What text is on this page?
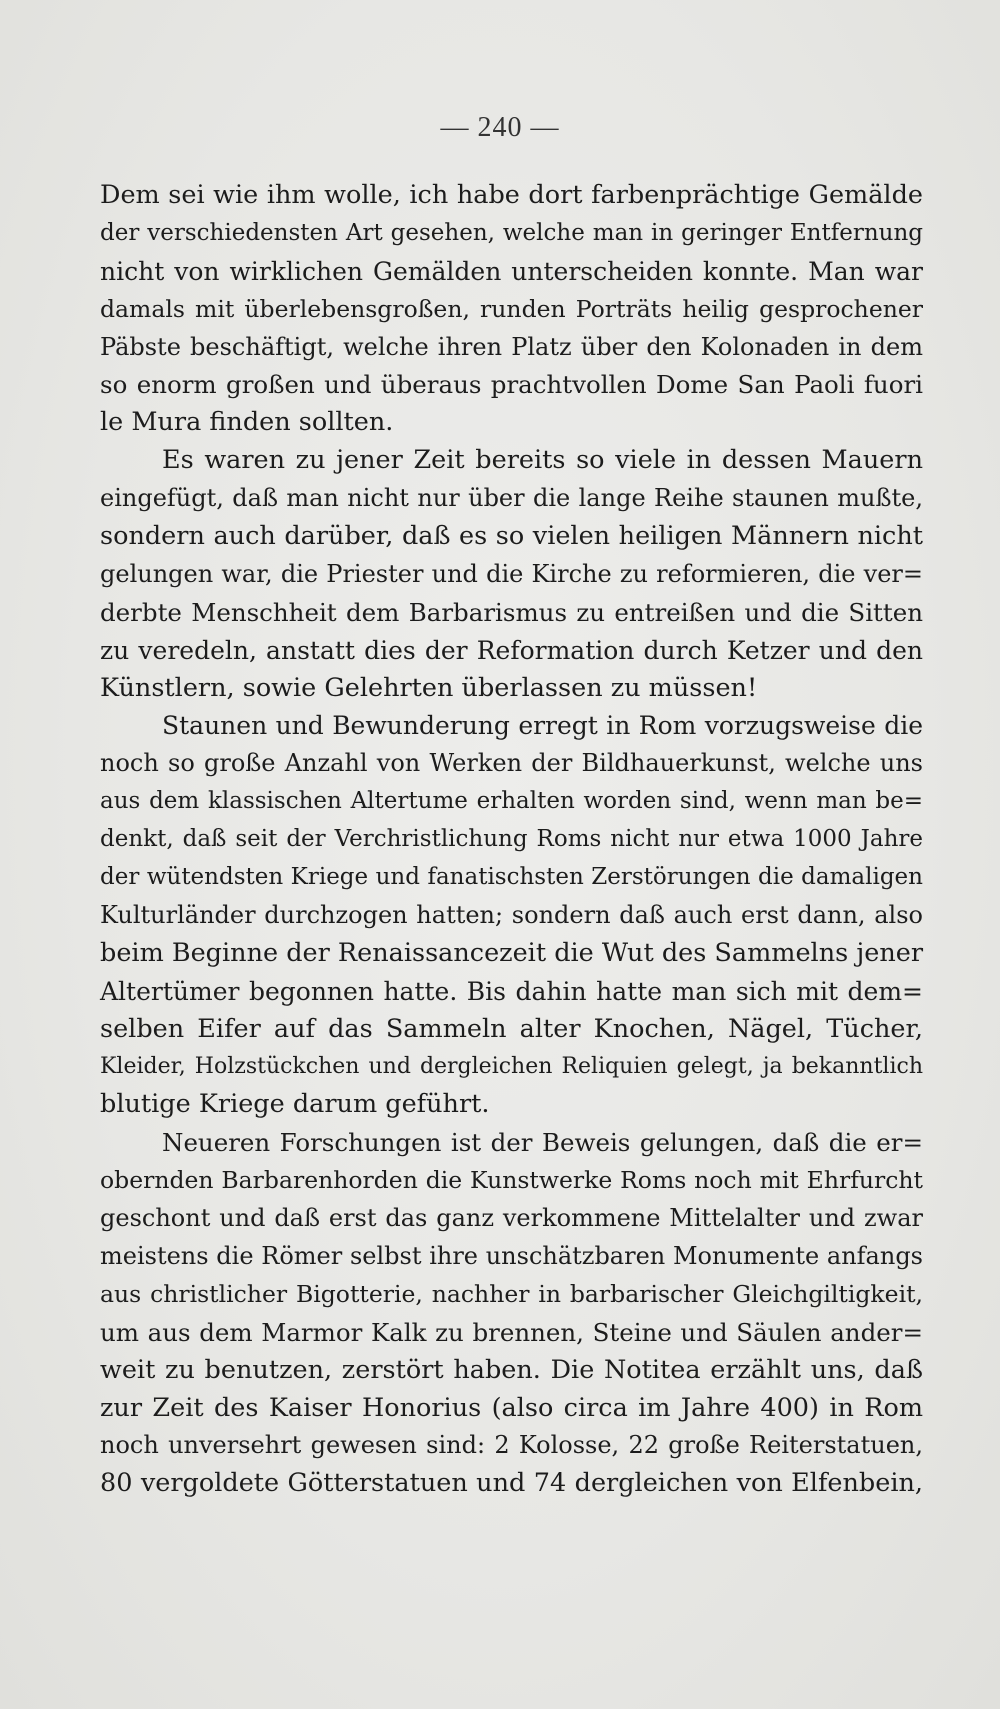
— 240 —
Dem sei wie ihm wolle, ich habe dort farbenprächtige Gemälde
der verschiedensten Art gesehen, welche man in geringer Entfernung
nicht von wirklichen Gemälden unterscheiden konnte. Man war
damals mit überlebensgroßen, runden Porträts heilig gesprochener
Päbste beschäftigt, welche ihren Platz über den Kolonaden in dem
so enorm großen und überaus prachtvollen Dome San Paoli fuori
le Mura finden sollten.
Es waren zu jener Zeit bereits so viele in dessen Mauern
eingefügt, daß man nicht nur über die lange Reihe staunen mußte,
sondern auch darüber, daß es so vielen heiligen Männern nicht
gelungen war, die Priester und die Kirche zu reformieren, die ver=
derbte Menschheit dem Barbarismus zu entreißen und die Sitten
zu veredeln, anstatt dies der Reformation durch Ketzer und den
Künstlern, sowie Gelehrten überlassen zu müssen!
Staunen und Bewunderung erregt in Rom vorzugsweise die
noch so große Anzahl von Werken der Bildhauerkunst, welche uns
aus dem klassischen Altertume erhalten worden sind, wenn man be=
denkt, daß seit der Verchristlichung Roms nicht nur etwa 1000 Jahre
der wütendsten Kriege und fanatischsten Zerstörungen die damaligen
Kulturländer durchzogen hatten; sondern daß auch erst dann, also
beim Beginne der Renaissancezeit die Wut des Sammelns jener
Altertümer begonnen hatte. Bis dahin hatte man sich mit dem=
selben Eifer auf das Sammeln alter Knochen, Nägel, Tücher,
Kleider, Holzstückchen und dergleichen Reliquien gelegt, ja bekanntlich
blutige Kriege darum geführt.
Neueren Forschungen ist der Beweis gelungen, daß die er=
obernden Barbarenhorden die Kunstwerke Roms noch mit Ehrfurcht
geschont und daß erst das ganz verkommene Mittelalter und zwar
meistens die Römer selbst ihre unschätzbaren Monumente anfangs
aus christlicher Bigotterie, nachher in barbarischer Gleichgiltigkeit,
um aus dem Marmor Kalk zu brennen, Steine und Säulen ander=
weit zu benutzen, zerstört haben. Die Notitea erzählt uns, daß
zur Zeit des Kaiser Honorius (also circa im Jahre 400) in Rom
noch unversehrt gewesen sind: 2 Kolosse, 22 große Reiterstatuen,
80 vergoldete Götterstatuen und 74 dergleichen von Elfenbein,
